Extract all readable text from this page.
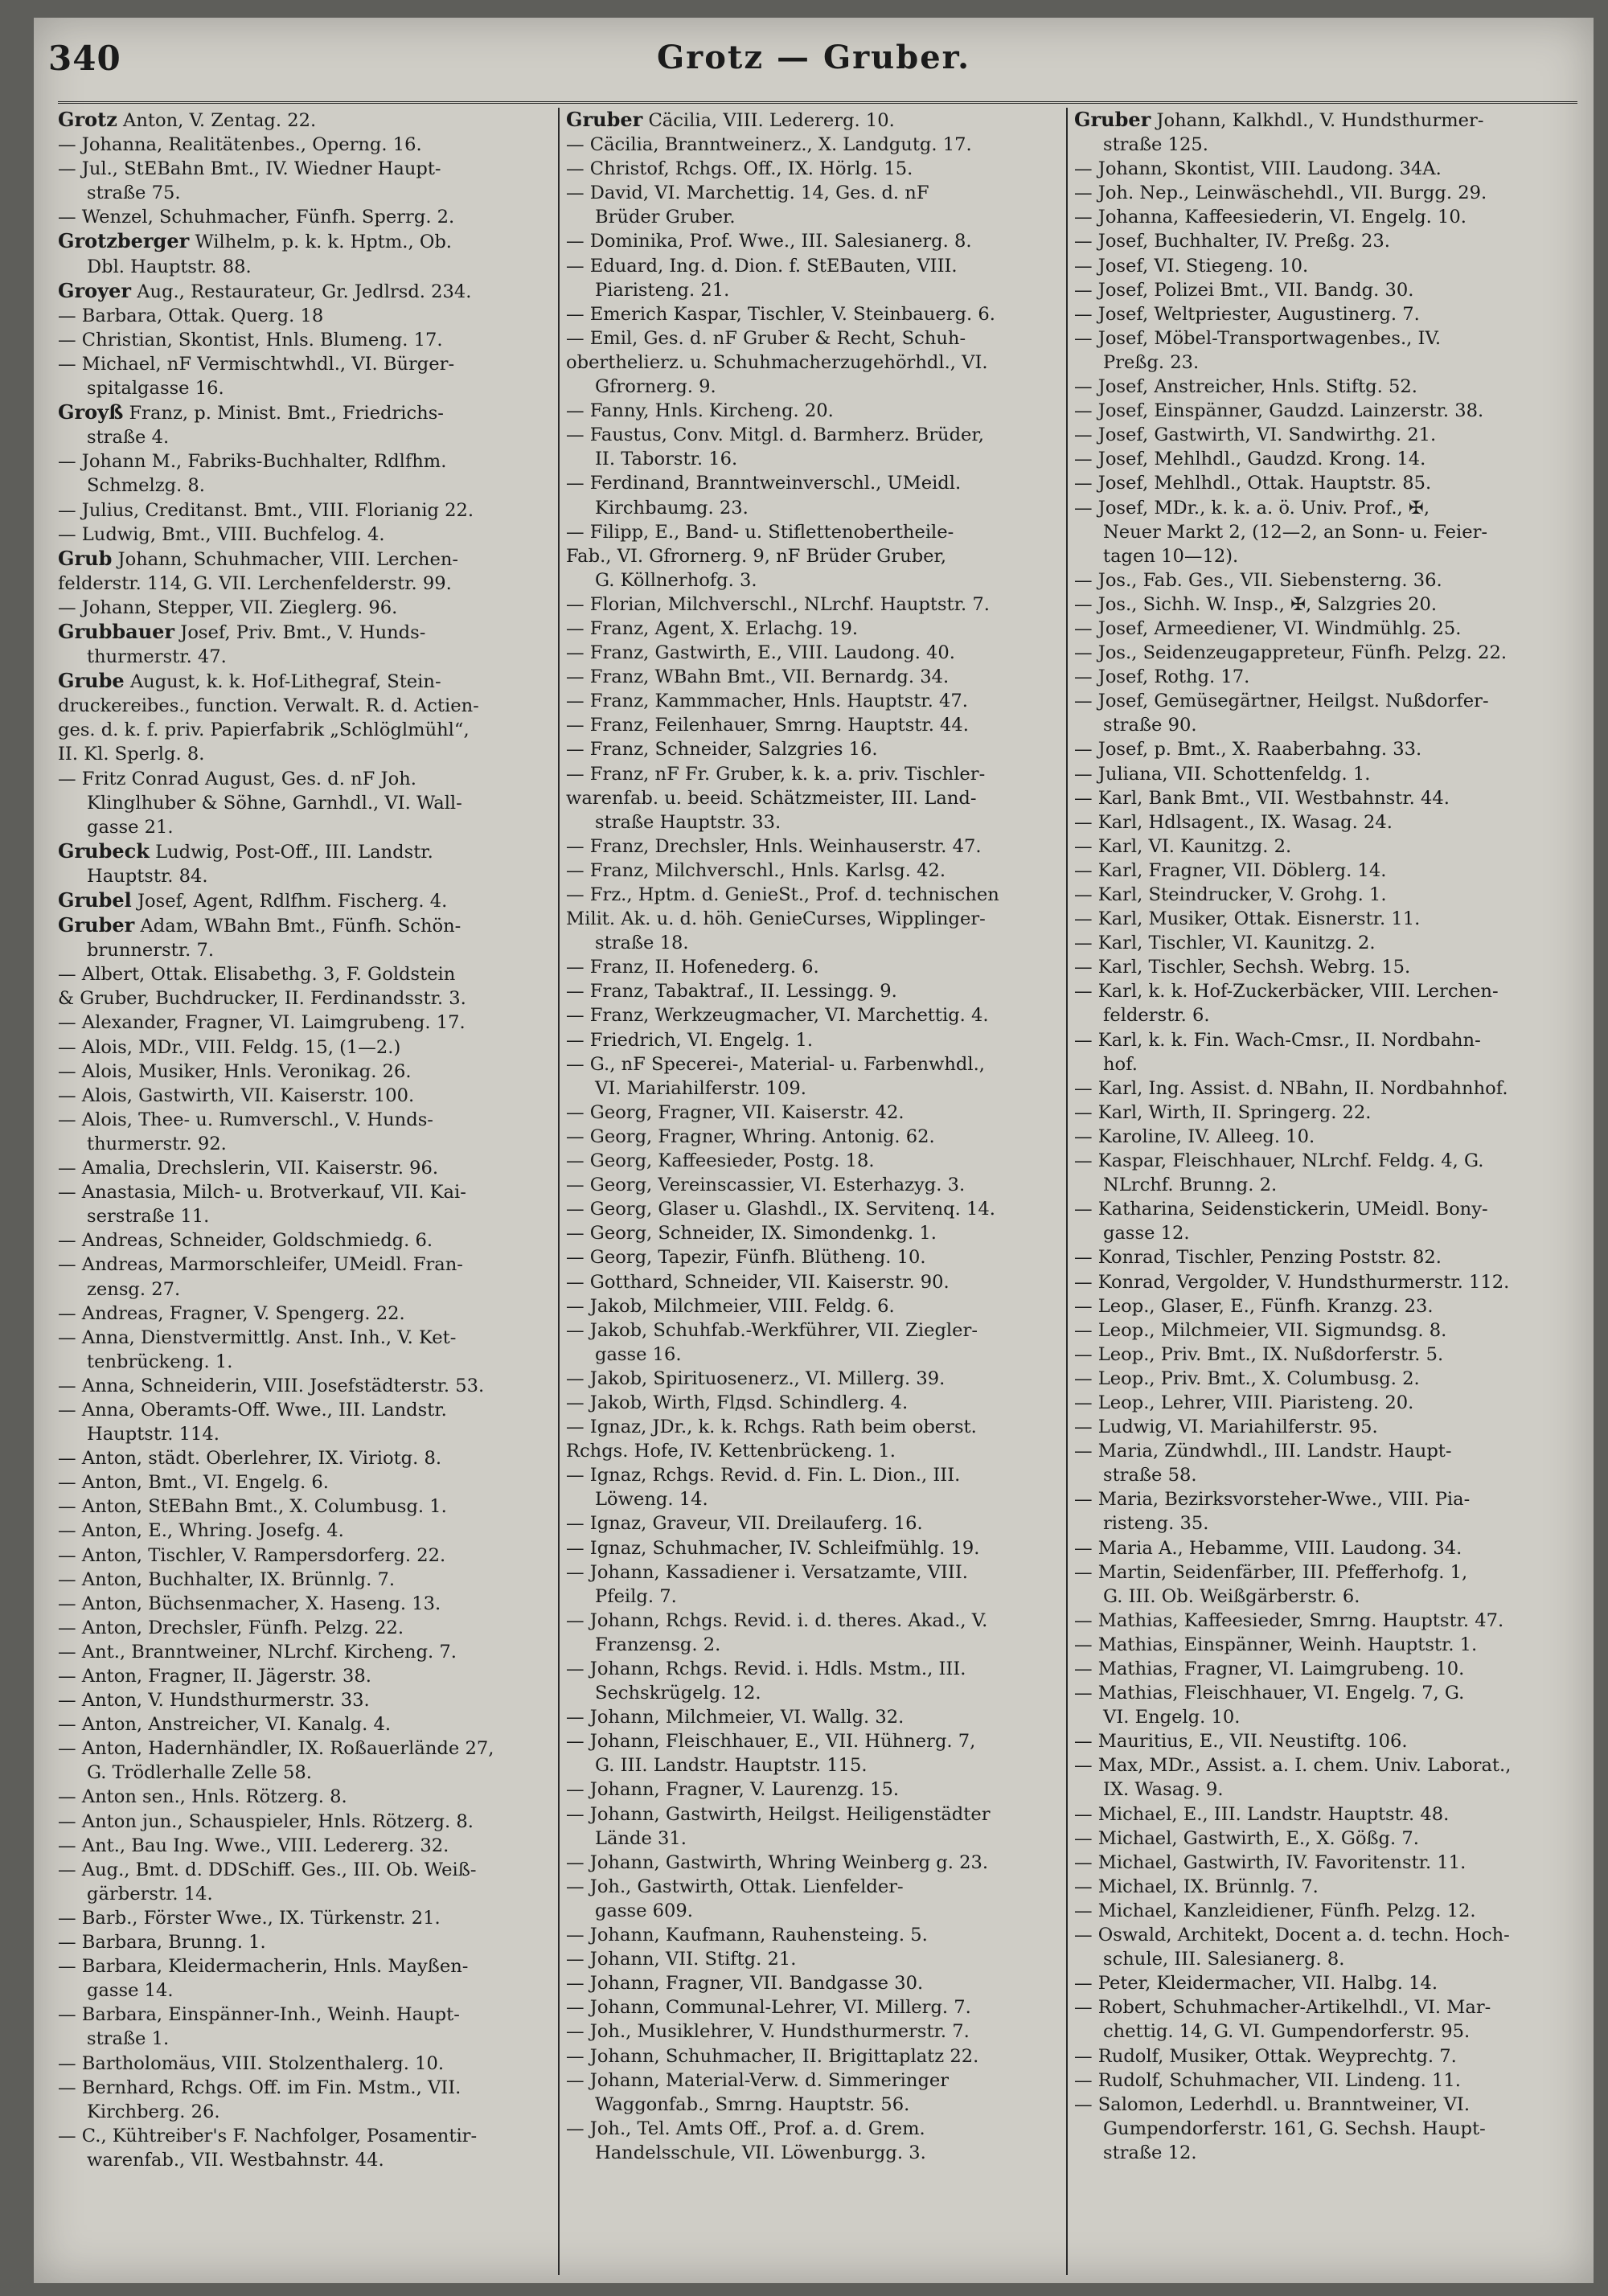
340	Grotz — Gruber.
Grotz Anton, V. Zentag. 22.
— Johanna, Realitätenbes., Operng. 16.
— Jul., StEBahn Bmt., IV. Wiedner Haupt-
straße 75.
— Wenzel, Schuhmacher, Fünfh. Sperrg. 2.
Grotzberger Wilhelm, p. k. k. Hptm., Ob.
Dbl. Hauptstr. 88.
Groyer Aug., Restaurateur, Gr. Jedlrsd. 234.
— Barbara, Ottak. Querg. 18
— Christian, Skontist, Hnls. Blumeng. 17.
— Michael, nF Vermischtwhdl., VI. Bürger-
spitalgasse 16.
Groyß Franz, p. Minist. Bmt., Friedrichs-
straße 4.
— Johann M., Fabriks-Buchhalter, Rdlfhm.
Schmelzg. 8.
— Julius, Creditanst. Bmt., VIII. Florianig 22.
— Ludwig, Bmt., VIII. Buchfelog. 4.
Grub Johann, Schuhmacher, VIII. Lerchen-
felderstr. 114, G. VII. Lerchenfelderstr. 99.
— Johann, Stepper, VII. Zieglerg. 96.
Grubbauer Josef, Priv. Bmt., V. Hunds-
thurmerstr. 47.
Grube August, k. k. Hof-Lithegraf, Stein-
druckereibes., function. Verwalt. R. d. Actien-
ges. d. k. f. priv. Papierfabrik „Schlöglmühl“,
II. Kl. Sperlg. 8.
— Fritz Conrad August, Ges. d. nF Joh.
Klinglhuber & Söhne, Garnhdl., VI. Wall-
gasse 21.
Grubeck Ludwig, Post-Off., III. Landstr.
Hauptstr. 84.
Grubel Josef, Agent, Rdlfhm. Fischerg. 4.
Gruber Adam, WBahn Bmt., Fünfh. Schön-
brunnerstr. 7.
— Albert, Ottak. Elisabethg. 3, F. Goldstein
& Gruber, Buchdrucker, II. Ferdinandsstr. 3.
— Alexander, Fragner, VI. Laimgrubeng. 17.
— Alois, MDr., VIII. Feldg. 15, (1—2.)
— Alois, Musiker, Hnls. Veronikag. 26.
— Alois, Gastwirth, VII. Kaiserstr. 100.
— Alois, Thee- u. Rumverschl., V. Hunds-
thurmerstr. 92.
— Amalia, Drechslerin, VII. Kaiserstr. 96.
— Anastasia, Milch- u. Brotverkauf, VII. Kai-
serstraße 11.
— Andreas, Schneider, Goldschmiedg. 6.
— Andreas, Marmorschleifer, UMeidl. Fran-
zensg. 27.
— Andreas, Fragner, V. Spengerg. 22.
— Anna, Dienstvermittlg. Anst. Inh., V. Ket-
tenbrückeng. 1.
— Anna, Schneiderin, VIII. Josefstädterstr. 53.
— Anna, Oberamts-Off. Wwe., III. Landstr.
Hauptstr. 114.
— Anton, städt. Oberlehrer, IX. Viriotg. 8.
— Anton, Bmt., VI. Engelg. 6.
— Anton, StEBahn Bmt., X. Columbusg. 1.
— Anton, E., Whring. Josefg. 4.
— Anton, Tischler, V. Rampersdorferg. 22.
— Anton, Buchhalter, IX. Brünnlg. 7.
— Anton, Büchsenmacher, X. Haseng. 13.
— Anton, Drechsler, Fünfh. Pelzg. 22.
— Ant., Branntweiner, NLrchf. Kircheng. 7.
— Anton, Fragner, II. Jägerstr. 38.
— Anton, V. Hundsthurmerstr. 33.
— Anton, Anstreicher, VI. Kanalg. 4.
— Anton, Hadernhändler, IX. Roßauerlände 27,
G. Trödlerhalle Zelle 58.
— Anton sen., Hnls. Rötzerg. 8.
— Anton jun., Schauspieler, Hnls. Rötzerg. 8.
— Ant., Bau Ing. Wwe., VIII. Ledererg. 32.
— Aug., Bmt. d. DDSchiff. Ges., III. Ob. Weiß-
gärberstr. 14.
— Barb., Förster Wwe., IX. Türkenstr. 21.
— Barbara, Brunng. 1.
— Barbara, Kleidermacherin, Hnls. Mayßen-
gasse 14.
— Barbara, Einspänner-Inh., Weinh. Haupt-
straße 1.
— Bartholomäus, VIII. Stolzenthalerg. 10.
— Bernhard, Rchgs. Off. im Fin. Mstm., VII.
Kirchberg. 26.
— C., Kühtreiber's F. Nachfolger, Posamentir-
warenfab., VII. Westbahnstr. 44.
Gruber Cäcilia, VIII. Ledererg. 10.
— Cäcilia, Branntweinerz., X. Landgutg. 17.
— Christof, Rchgs. Off., IX. Hörlg. 15.
— David, VI. Marchettig. 14, Ges. d. nF
Brüder Gruber.
— Dominika, Prof. Wwe., III. Salesianerg. 8.
— Eduard, Ing. d. Dion. f. StEBauten, VIII.
Piaristeng. 21.
— Emerich Kaspar, Tischler, V. Steinbauerg. 6.
— Emil, Ges. d. nF Gruber & Recht, Schuh-
oberthelierz. u. Schuhmacherzugehörhdl., VI.
Gfrornerg. 9.
— Fanny, Hnls. Kircheng. 20.
— Faustus, Conv. Mitgl. d. Barmherz. Brüder,
II. Taborstr. 16.
— Ferdinand, Branntweinverschl., UMeidl.
Kirchbaumg. 23.
— Filipp, E., Band- u. Stiflettenobertheile-
Fab., VI. Gfrornerg. 9, nF Brüder Gruber,
G. Köllnerhofg. 3.
— Florian, Milchverschl., NLrchf. Hauptstr. 7.
— Franz, Agent, X. Erlachg. 19.
— Franz, Gastwirth, E., VIII. Laudong. 40.
— Franz, WBahn Bmt., VII. Bernardg. 34.
— Franz, Kammmacher, Hnls. Hauptstr. 47.
— Franz, Feilenhauer, Smrng. Hauptstr. 44.
— Franz, Schneider, Salzgries 16.
— Franz, nF Fr. Gruber, k. k. a. priv. Tischler-
warenfab. u. beeid. Schätzmeister, III. Land-
straße Hauptstr. 33.
— Franz, Drechsler, Hnls. Weinhauserstr. 47.
— Franz, Milchverschl., Hnls. Karlsg. 42.
— Frz., Hptm. d. GenieSt., Prof. d. technischen
Milit. Ak. u. d. höh. GenieCurses, Wipplinger-
straße 18.
— Franz, II. Hofenederg. 6.
— Franz, Tabaktraf., II. Lessingg. 9.
— Franz, Werkzeugmacher, VI. Marchettig. 4.
— Friedrich, VI. Engelg. 1.
— G., nF Specerei-, Material- u. Farbenwhdl.,
VI. Mariahilferstr. 109.
— Georg, Fragner, VII. Kaiserstr. 42.
— Georg, Fragner, Whring. Antonig. 62.
— Georg, Kaffeesieder, Postg. 18.
— Georg, Vereinscassier, VI. Esterhazyg. 3.
— Georg, Glaser u. Glashdl., IX. Servitenq. 14.
— Georg, Schneider, IX. Simondenkg. 1.
— Georg, Tapezir, Fünfh. Blütheng. 10.
— Gotthard, Schneider, VII. Kaiserstr. 90.
— Jakob, Milchmeier, VIII. Feldg. 6.
— Jakob, Schuhfab.-Werkführer, VII. Ziegler-
gasse 16.
— Jakob, Spirituosenerz., VI. Millerg. 39.
— Jakob, Wirth, Flдsd. Schindlerg. 4.
— Ignaz, JDr., k. k. Rchgs. Rath beim oberst.
Rchgs. Hofe, IV. Kettenbrückeng. 1.
— Ignaz, Rchgs. Revid. d. Fin. L. Dion., III.
Löweng. 14.
— Ignaz, Graveur, VII. Dreilauferg. 16.
— Ignaz, Schuhmacher, IV. Schleifmühlg. 19.
— Johann, Kassadiener i. Versatzamte, VIII.
Pfeilg. 7.
— Johann, Rchgs. Revid. i. d. theres. Akad., V.
Franzensg. 2.
— Johann, Rchgs. Revid. i. Hdls. Mstm., III.
Sechskrügelg. 12.
— Johann, Milchmeier, VI. Wallg. 32.
— Johann, Fleischhauer, E., VII. Hühnerg. 7,
G. III. Landstr. Hauptstr. 115.
— Johann, Fragner, V. Laurenzg. 15.
— Johann, Gastwirth, Heilgst. Heiligenstädter
Lände 31.
— Johann, Gastwirth, Whring Weinberg g. 23.
— Joh., Gastwirth, Ottak. Lienfelder-
gasse 609.
— Johann, Kaufmann, Rauhensteing. 5.
— Johann, VII. Stiftg. 21.
— Johann, Fragner, VII. Bandgasse 30.
— Johann, Communal-Lehrer, VI. Millerg. 7.
— Joh., Musiklehrer, V. Hundsthurmerstr. 7.
— Johann, Schuhmacher, II. Brigittaplatz 22.
— Johann, Material-Verw. d. Simmeringer
Waggonfab., Smrng. Hauptstr. 56.
— Joh., Tel. Amts Off., Prof. a. d. Grem.
Handelsschule, VII. Löwenburgg. 3.
Gruber Johann, Kalkhdl., V. Hundsthurmer-
straße 125.
— Johann, Skontist, VIII. Laudong. 34A.
— Joh. Nep., Leinwäschehdl., VII. Burgg. 29.
— Johanna, Kaffeesiederin, VI. Engelg. 10.
— Josef, Buchhalter, IV. Preßg. 23.
— Josef, VI. Stiegeng. 10.
— Josef, Polizei Bmt., VII. Bandg. 30.
— Josef, Weltpriester, Augustinerg. 7.
— Josef, Möbel-Transportwagenbes., IV.
Preßg. 23.
— Josef, Anstreicher, Hnls. Stiftg. 52.
— Josef, Einspänner, Gaudzd. Lainzerstr. 38.
— Josef, Gastwirth, VI. Sandwirthg. 21.
— Josef, Mehlhdl., Gaudzd. Krong. 14.
— Josef, Mehlhdl., Ottak. Hauptstr. 85.
— Josef, MDr., k. k. a. ö. Univ. Prof., ✠,
Neuer Markt 2, (12—2, an Sonn- u. Feier-
tagen 10—12).
— Jos., Fab. Ges., VII. Siebensterng. 36.
— Jos., Sichh. W. Insp., ✠, Salzgries 20.
— Josef, Armeediener, VI. Windmühlg. 25.
— Jos., Seidenzeugappreteur, Fünfh. Pelzg. 22.
— Josef, Rothg. 17.
— Josef, Gemüsegärtner, Heilgst. Nußdorfer-
straße 90.
— Josef, p. Bmt., X. Raaberbahng. 33.
— Juliana, VII. Schottenfeldg. 1.
— Karl, Bank Bmt., VII. Westbahnstr. 44.
— Karl, Hdlsagent., IX. Wasag. 24.
— Karl, VI. Kaunitzg. 2.
— Karl, Fragner, VII. Döblerg. 14.
— Karl, Steindrucker, V. Grohg. 1.
— Karl, Musiker, Ottak. Eisnerstr. 11.
— Karl, Tischler, VI. Kaunitzg. 2.
— Karl, Tischler, Sechsh. Webrg. 15.
— Karl, k. k. Hof-Zuckerbäcker, VIII. Lerchen-
felderstr. 6.
— Karl, k. k. Fin. Wach-Cmsr., II. Nordbahn-
hof.
— Karl, Ing. Assist. d. NBahn, II. Nordbahnhof.
— Karl, Wirth, II. Springerg. 22.
— Karoline, IV. Alleeg. 10.
— Kaspar, Fleischhauer, NLrchf. Feldg. 4, G.
NLrchf. Brunng. 2.
— Katharina, Seidenstickerin, UMeidl. Bony-
gasse 12.
— Konrad, Tischler, Penzing Poststr. 82.
— Konrad, Vergolder, V. Hundsthurmerstr. 112.
— Leop., Glaser, E., Fünfh. Kranzg. 23.
— Leop., Milchmeier, VII. Sigmundsg. 8.
— Leop., Priv. Bmt., IX. Nußdorferstr. 5.
— Leop., Priv. Bmt., X. Columbusg. 2.
— Leop., Lehrer, VIII. Piaristeng. 20.
— Ludwig, VI. Mariahilferstr. 95.
— Maria, Zündwhdl., III. Landstr. Haupt-
straße 58.
— Maria, Bezirksvorsteher-Wwe., VIII. Pia-
risteng. 35.
— Maria A., Hebamme, VIII. Laudong. 34.
— Martin, Seidenfärber, III. Pfefferhofg. 1,
G. III. Ob. Weißgärberstr. 6.
— Mathias, Kaffeesieder, Smrng. Hauptstr. 47.
— Mathias, Einspänner, Weinh. Hauptstr. 1.
— Mathias, Fragner, VI. Laimgrubeng. 10.
— Mathias, Fleischhauer, VI. Engelg. 7, G.
VI. Engelg. 10.
— Mauritius, E., VII. Neustiftg. 106.
— Max, MDr., Assist. a. I. chem. Univ. Laborat.,
IX. Wasag. 9.
— Michael, E., III. Landstr. Hauptstr. 48.
— Michael, Gastwirth, E., X. Gößg. 7.
— Michael, Gastwirth, IV. Favoritenstr. 11.
— Michael, IX. Brünnlg. 7.
— Michael, Kanzleidiener, Fünfh. Pelzg. 12.
— Oswald, Architekt, Docent a. d. techn. Hoch-
schule, III. Salesianerg. 8.
— Peter, Kleidermacher, VII. Halbg. 14.
— Robert, Schuhmacher-Artikelhdl., VI. Mar-
chettig. 14, G. VI. Gumpendorferstr. 95.
— Rudolf, Musiker, Ottak. Weyprechtg. 7.
— Rudolf, Schuhmacher, VII. Lindeng. 11.
— Salomon, Lederhdl. u. Branntweiner, VI.
Gumpendorferstr. 161, G. Sechsh. Haupt-
straße 12.
